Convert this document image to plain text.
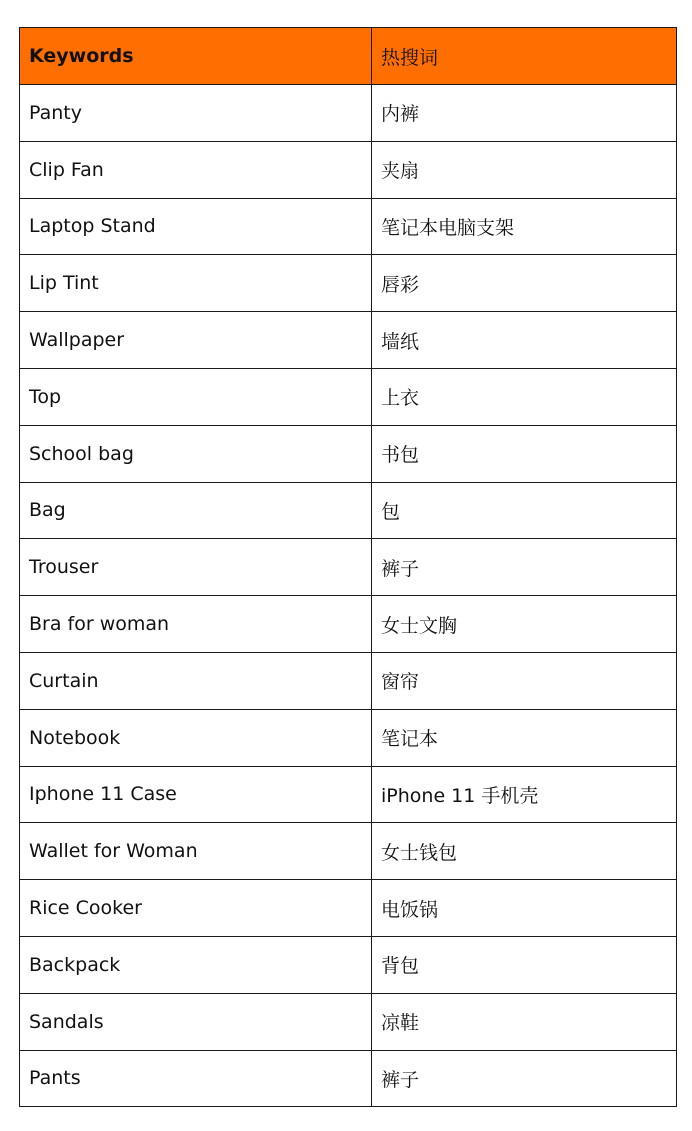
Keywords	热搜词
Panty	内裤
Clip Fan	夹扇
Laptop Stand	笔记本电脑支架
Lip Tint	唇彩
Wallpaper	墙纸
Top	上衣
School bag	书包
Bag	包
Trouser	裤子
Bra for woman	女士文胸
Curtain	窗帘
Notebook	笔记本
Iphone 11 Case	iPhone 11 手机壳
Wallet for Woman	女士钱包
Rice Cooker	电饭锅
Backpack	背包
Sandals	凉鞋
Pants	裤子
